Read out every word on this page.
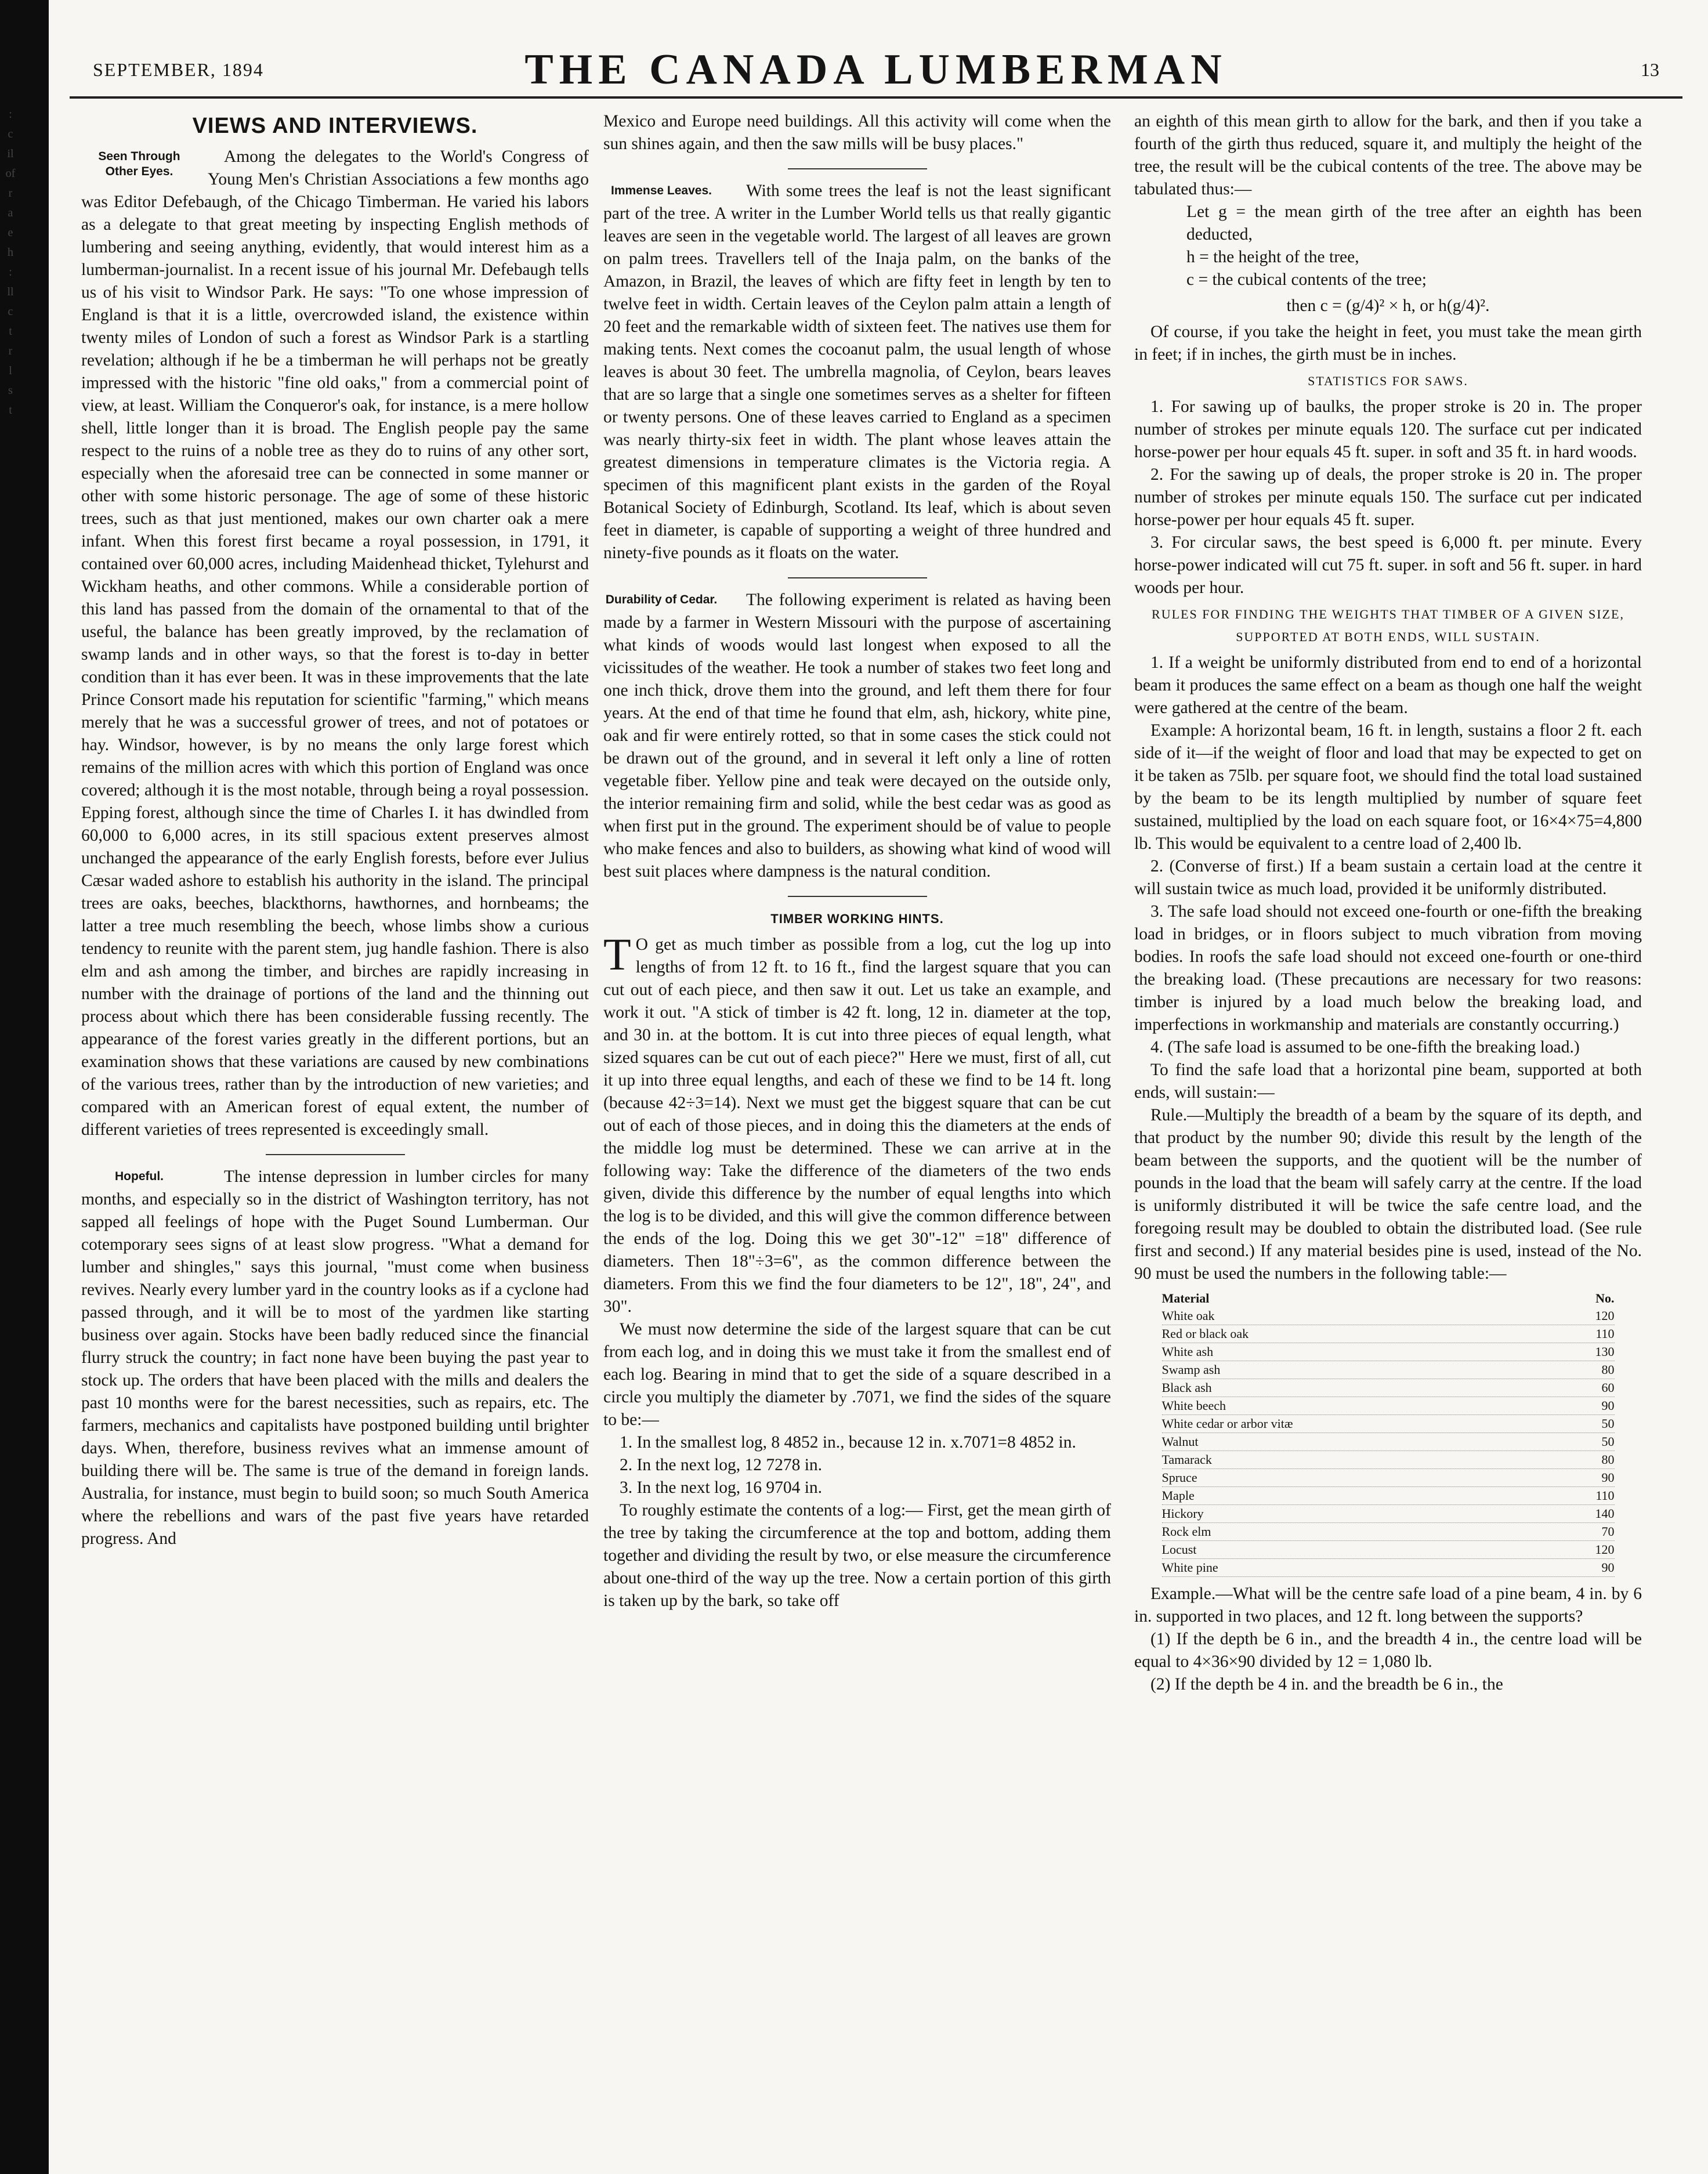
:
c
il
of
r
a
e
h
:
ll
c
t
r
l
s
t
SEPTEMBER, 1894	THE CANADA LUMBERMAN	13
VIEWS AND INTERVIEWS.
Seen Through Other Eyes.

Among the delegates to the World's Congress of Young Men's Christian Associations a few months ago was Editor Defebaugh, of the Chicago Timberman. He varied his labors as a delegate to that great meeting by inspecting English methods of lumbering and seeing anything, evidently, that would interest him as a lumberman-journalist. In a recent issue of his journal Mr. Defebaugh tells us of his visit to Windsor Park. He says: "To one whose impression of England is that it is a little, overcrowded island, the existence within twenty miles of London of such a forest as Windsor Park is a startling revelation; although if he be a timberman he will perhaps not be greatly impressed with the historic "fine old oaks," from a commercial point of view, at least. William the Conqueror's oak, for instance, is a mere hollow shell, little longer than it is broad. The English people pay the same respect to the ruins of a noble tree as they do to ruins of any other sort, especially when the aforesaid tree can be connected in some manner or other with some historic personage. The age of some of these historic trees, such as that just mentioned, makes our own charter oak a mere infant. When this forest first became a royal possession, in 1791, it contained over 60,000 acres, including Maidenhead thicket, Tylehurst and Wickham heaths, and other commons. While a considerable portion of this land has passed from the domain of the ornamental to that of the useful, the balance has been greatly improved, by the reclamation of swamp lands and in other ways, so that the forest is to-day in better condition than it has ever been. It was in these improvements that the late Prince Consort made his reputation for scientific "farming," which means merely that he was a successful grower of trees, and not of potatoes or hay. Windsor, however, is by no means the only large forest which remains of the million acres with which this portion of England was once covered; although it is the most notable, through being a royal possession. Epping forest, although since the time of Charles I. it has dwindled from 60,000 to 6,000 acres, in its still spacious extent preserves almost unchanged the appearance of the early English forests, before ever Julius Cæsar waded ashore to establish his authority in the island. The principal trees are oaks, beeches, blackthorns, hawthornes, and hornbeams; the latter a tree much resembling the beech, whose limbs show a curious tendency to reunite with the parent stem, jug handle fashion. There is also elm and ash among the timber, and birches are rapidly increasing in number with the drainage of portions of the land and the thinning out process about which there has been considerable fussing recently. The appearance of the forest varies greatly in the different portions, but an examination shows that these variations are caused by new combinations of the various trees, rather than by the introduction of new varieties; and compared with an American forest of equal extent, the number of different varieties of trees represented is exceedingly small.

Hopeful.	The intense depression in lumber circles for many months, and especially so in the district of Washington territory, has not sapped all feelings of hope with the Puget Sound Lumberman. Our cotemporary sees signs of at least slow progress. "What a demand for lumber and shingles," says this journal, "must come when business revives. Nearly every lumber yard in the country looks as if a cyclone had passed through, and it will be to most of the yardmen like starting business over again. Stocks have been badly reduced since the financial flurry struck the country; in fact none have been buying the past year to stock up. The orders that have been placed with the mills and dealers the past 10 months were for the barest necessities, such as repairs, etc. The farmers, mechanics and capitalists have postponed building until brighter days. When, therefore, business revives what an immense amount of building there will be. The same is true of the demand in foreign lands. Australia, for instance, must begin to build soon; so much South America where the rebellions and wars of the past five years have retarded progress. And

Mexico and Europe need buildings. All this activity will come when the sun shines again, and then the saw mills will be busy places."

Immense Leaves.	With some trees the leaf is not the least significant part of the tree. A writer in the Lumber World tells us that really gigantic leaves are seen in the vegetable world. The largest of all leaves are grown on palm trees. Travellers tell of the Inaja palm, on the banks of the Amazon, in Brazil, the leaves of which are fifty feet in length by ten to twelve feet in width. Certain leaves of the Ceylon palm attain a length of 20 feet and the remarkable width of sixteen feet. The natives use them for making tents. Next comes the cocoanut palm, the usual length of whose leaves is about 30 feet. The umbrella magnolia, of Ceylon, bears leaves that are so large that a single one sometimes serves as a shelter for fifteen or twenty persons. One of these leaves carried to England as a specimen was nearly thirty-six feet in width. The plant whose leaves attain the greatest dimensions in temperature climates is the Victoria regia. A specimen of this magnificent plant exists in the garden of the Royal Botanical Society of Edinburgh, Scotland. Its leaf, which is about seven feet in diameter, is capable of supporting a weight of three hundred and ninety-five pounds as it floats on the water.

Durability of Cedar.	The following experiment is related as having been made by a farmer in Western Missouri with the purpose of ascertaining what kinds of woods would last longest when exposed to all the vicissitudes of the weather. He took a number of stakes two feet long and one inch thick, drove them into the ground, and left them there for four years. At the end of that time he found that elm, ash, hickory, white pine, oak and fir were entirely rotted, so that in some cases the stick could not be drawn out of the ground, and in several it left only a line of rotten vegetable fiber. Yellow pine and teak were decayed on the outside only, the interior remaining firm and solid, while the best cedar was as good as when first put in the ground. The experiment should be of value to people who make fences and also to builders, as showing what kind of wood will best suit places where dampness is the natural condition.

TIMBER WORKING HINTS.

T O get as much timber as possible from a log, cut the log up into lengths of from 12 ft. to 16 ft., find the largest square that you can cut out of each piece, and then saw it out. Let us take an example, and work it out. "A stick of timber is 42 ft. long, 12 in. diameter at the top, and 30 in. at the bottom. It is cut into three pieces of equal length, what sized squares can be cut out of each piece?" Here we must, first of all, cut it up into three equal lengths, and each of these we find to be 14 ft. long (because 42÷3=14). Next we must get the biggest square that can be cut out of each of those pieces, and in doing this the diameters at the ends of the middle log must be determined. These we can arrive at in the following way: Take the difference of the diameters of the two ends given, divide this difference by the number of equal lengths into which the log is to be divided, and this will give the common difference between the ends of the log. Doing this we get 30"-12" =18" difference of diameters. Then 18"÷3=6", as the common difference between the diameters. From this we find the four diameters to be 12", 18", 24", and 30".

We must now determine the side of the largest square that can be cut from each log, and in doing this we must take it from the smallest end of each log. Bearing in mind that to get the side of a square described in a circle you multiply the diameter by .7071, we find the sides of the square to be:—

1. In the smallest log, 8 4852 in., because 12 in. x.7071=8 4852 in.

2. In the next log, 12 7278 in.

3. In the next log, 16 9704 in.

To roughly estimate the contents of a log:— First, get the mean girth of the tree by taking the circumference at the top and bottom, adding them together and dividing the result by two, or else measure the circumference about one-third of the way up the tree. Now a certain portion of this girth is taken up by the bark, so take off

an eighth of this mean girth to allow for the bark, and then if you take a fourth of the girth thus reduced, square it, and multiply the height of the tree, the result will be the cubical contents of the tree. The above may be tabulated thus:—

Let g = the mean girth of the tree after an eighth has been deducted,

h = the height of the tree,

c = the cubical contents of the tree;

then c = (g/4)² × h, or h(g/4)².

Of course, if you take the height in feet, you must take the mean girth in feet; if in inches, the girth must be in inches.

STATISTICS FOR SAWS.

1. For sawing up of baulks, the proper stroke is 20 in. The proper number of strokes per minute equals 120. The surface cut per indicated horse-power per hour equals 45 ft. super. in soft and 35 ft. in hard woods.

2. For the sawing up of deals, the proper stroke is 20 in. The proper number of strokes per minute equals 150. The surface cut per indicated horse-power per hour equals 45 ft. super.

3. For circular saws, the best speed is 6,000 ft. per minute. Every horse-power indicated will cut 75 ft. super. in soft and 56 ft. super. in hard woods per hour.

RULES FOR FINDING THE WEIGHTS THAT TIMBER OF A GIVEN SIZE, SUPPORTED AT BOTH ENDS, WILL SUSTAIN.

1. If a weight be uniformly distributed from end to end of a horizontal beam it produces the same effect on a beam as though one half the weight were gathered at the centre of the beam.

Example: A horizontal beam, 16 ft. in length, sustains a floor 2 ft. each side of it—if the weight of floor and load that may be expected to get on it be taken as 75lb. per square foot, we should find the total load sustained by the beam to be its length multiplied by number of square feet sustained, multiplied by the load on each square foot, or 16×4×75=4,800 lb. This would be equivalent to a centre load of 2,400 lb.

2. (Converse of first.) If a beam sustain a certain load at the centre it will sustain twice as much load, provided it be uniformly distributed.

3. The safe load should not exceed one-fourth or one-fifth the breaking load in bridges, or in floors subject to much vibration from moving bodies. In roofs the safe load should not exceed one-fourth or one-third the breaking load. (These precautions are necessary for two reasons: timber is injured by a load much below the breaking load, and imperfections in workmanship and materials are constantly occurring.)

4. (The safe load is assumed to be one-fifth the breaking load.)

To find the safe load that a horizontal pine beam, supported at both ends, will sustain:—

Rule.—Multiply the breadth of a beam by the square of its depth, and that product by the number 90; divide this result by the length of the beam between the supports, and the quotient will be the number of pounds in the load that the beam will safely carry at the centre. If the load is uniformly distributed it will be twice the safe centre load, and the foregoing result may be doubled to obtain the distributed load. (See rule first and second.) If any material besides pine is used, instead of the No. 90 must be used the numbers in the following table:—

Material	No.
White oak	120
Red or black oak	110
White ash	130
Swamp ash	80
Black ash	60
White beech	90
White cedar or arbor vitæ	50
Walnut	50
Tamarack	80
Spruce	90
Maple	110
Hickory	140
Rock elm	70
Locust	120
White pine	90

Example.—What will be the centre safe load of a pine beam, 4 in. by 6 in. supported in two places, and 12 ft. long between the supports?

(1) If the depth be 6 in., and the breadth 4 in., the centre load will be equal to 4×36×90 divided by 12 = 1,080 lb.

(2) If the depth be 4 in. and the breadth be 6 in., the
